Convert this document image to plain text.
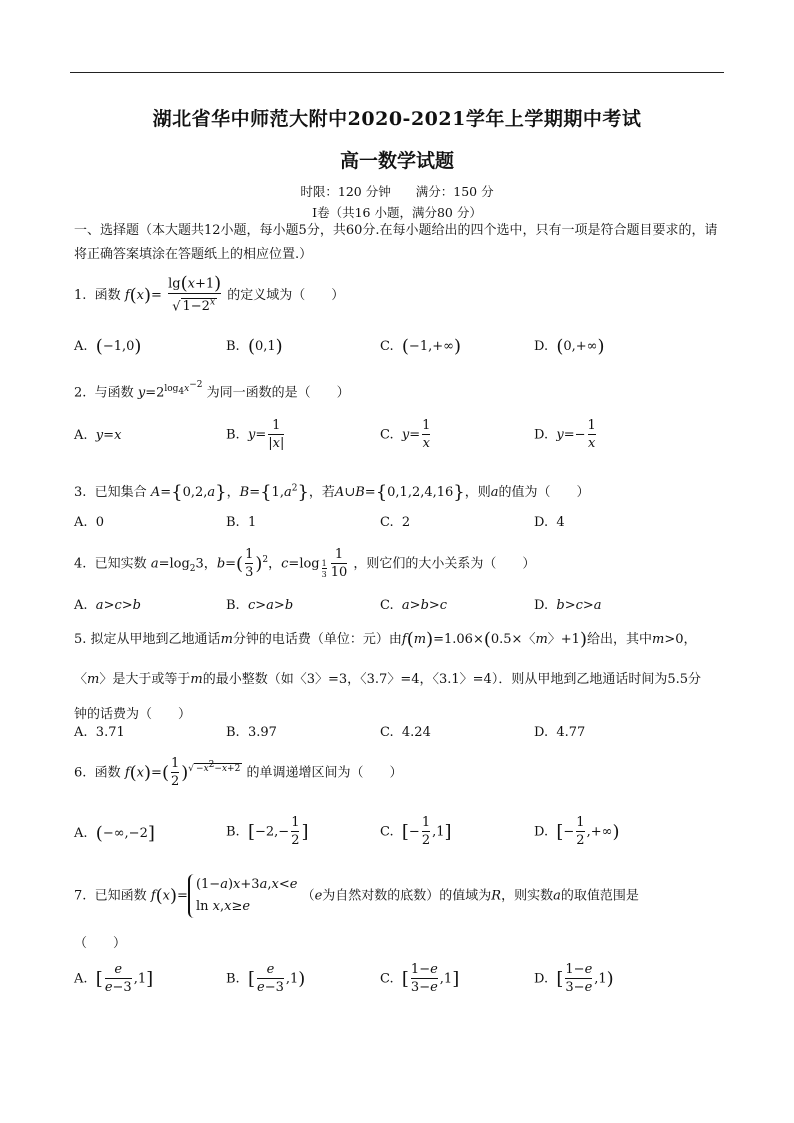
湖北省华中师范大附中2020-2021学年上学期期中考试
高一数学试题
时限：120 分钟　　满分：150 分
Ⅰ卷（共16 小题，满分80 分）
一、选择题（本大题共12小题，每小题5分，共60分.在每小题给出的四个选中，只有一项是符合题目要求的，请将正确答案填涂在答题纸上的相应位置.）
1. 函数 $f(x)= \frac{\lg(x+1)}{√ 1-2^x}$ 的定义域为（　　）
A. (−1,0)	B. (0,1)	C. (−1,+∞)	D. (0,+∞)
2. 与函数 $y=2^{log_4x^{-2}}$ 为同一函数的是（　　）
A. y=x	B. $y= \frac{1}{|x|}$	C. $y= \frac{1}{x}$	D. $y=- \frac{1}{x}$
3. 已知集合 A={0,2,a}，$B=\{1,a^2\}$，若A∪B={0,1,2,4,16}，则a的值为（　　）
A. 0	B. 1	C. 2	D. 4
4. 已知实数 $a=\log_23$，$b=( \frac{1}{3} )^2$，c=log $_{\frac{1}{3}} \frac{1}{10}$ ，则它们的大小关系为（　　）
A. a>c>b	B. c>a>b	C. a>b>c	D. b>c>a
5. 拟定从甲地到乙地通话m分钟的电话费（单位：元）由f(m)=1.06×(0.5×〈m〉+1)给出，其中m>0，
〈m〉是大于或等于m的最小整数（如〈3〉=3，〈3.7〉=4，〈3.1〉=4）．则从甲地到乙地通话时间为5.5分
钟的话费为（　　）
A. 3.71	B. 3.97	C. 4.24	D. 4.77
6. 函数 $f(x)=( \frac{1}{2} )^{√ -x^2-x+2}$ 的单调递增区间为（　　）
A. (−∞,−2]	B. [$-2,- \frac{1}{2}$ ]	C. [− $\frac{1}{2} ,1$]	D. [− $\frac{1}{2}$ ,+∞)
7. 已知函数 f(x)=(1−a)x+3a,x<e
ln x,x≥e （e为自然对数的底数）的值域为R，则实数a的取值范围是
（　　）
A. [ $\frac{e}{e-3} ,1$]	B. [ $\frac{e}{e-3} ,1$)	C. [ $\frac{1-e}{3-e} ,1$]	D. [ $\frac{1-e}{3-e} ,1$)
